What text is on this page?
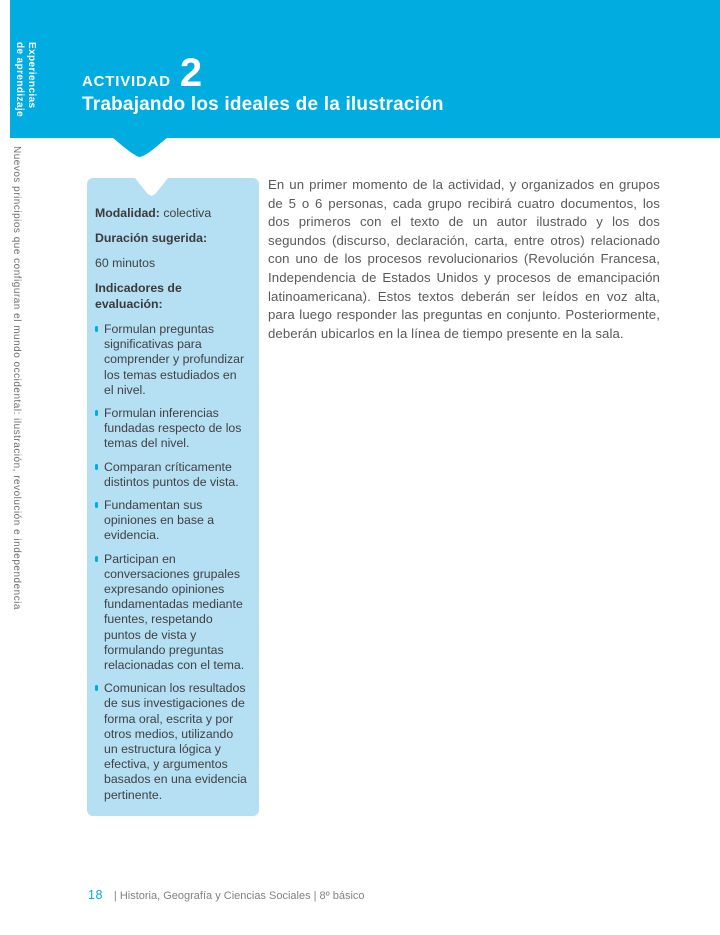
Experiencias
de aprendizaje	ACTIVIDAD 2
Trabajando los ideales de la ilustración
Nuevos principios que configuran el mundo occidental: ilustración, revolución e independencia	Modalidad: colectiva

Duración sugerida:

60 minutos

Indicadores de evaluación:

Formulan preguntas significativas para comprender y profundizar los temas estudiados en el nivel.
Formulan inferencias fundadas respecto de los temas del nivel.
Comparan críticamente distintos puntos de vista.
Fundamentan sus opiniones en base a evidencia.
Participan en conversaciones grupales expresando opiniones fundamentadas mediante fuentes, respetando puntos de vista y formulando preguntas relacionadas con el tema.
Comunican los resultados de sus investigaciones de forma oral, escrita y por otros medios, utilizando un estructura lógica y efectiva, y argumentos basados en una evidencia pertinente.
En un primer momento de la actividad, y organizados en grupos de 5 o 6 personas, cada grupo recibirá cuatro documentos, los dos primeros con el texto de un autor ilustrado y los dos segundos (discurso, declaración, carta, entre otros) relacionado con uno de los procesos revolucionarios (Revolución Francesa, Independencia de Estados Unidos y procesos de emancipación latinoamericana). Estos textos deberán ser leídos en voz alta, para luego responder las preguntas en conjunto. Posteriormente, deberán ubicarlos en la línea de tiempo presente en la sala.
18 | Historia, Geografía y Ciencias Sociales | 8º básico
